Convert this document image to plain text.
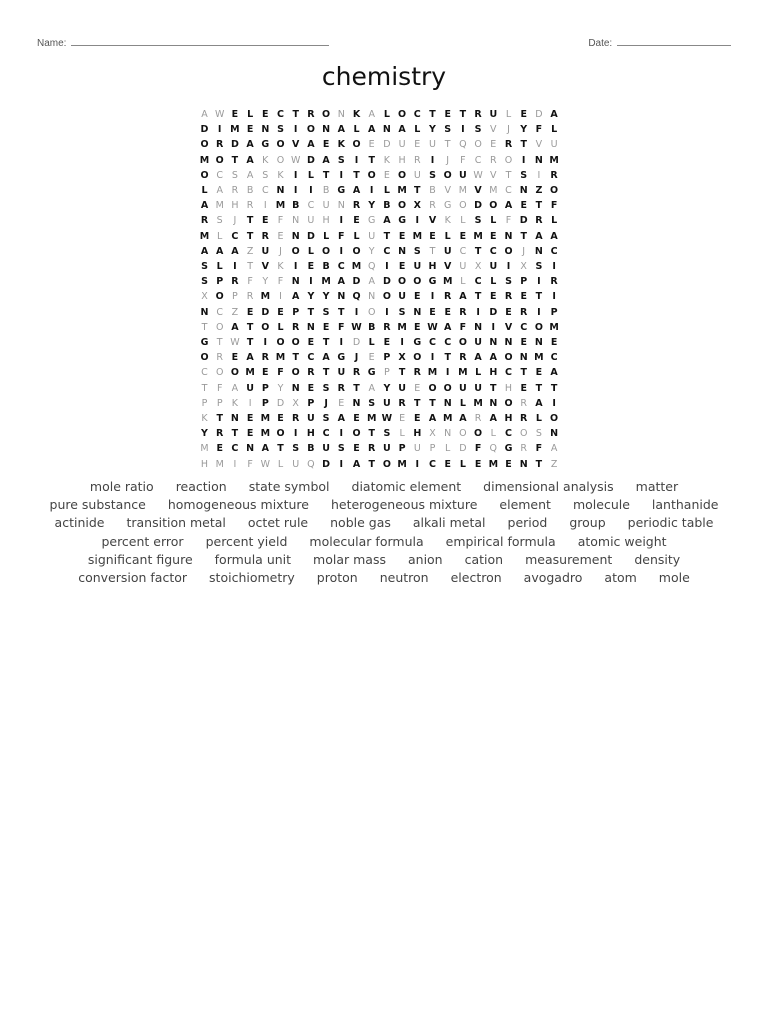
Name:	Date:
chemistry
A W E L E C T R O N K A L O C T E T R U L E D A
D I M E N S	I O N A L A N A L Y S	I	S V	J	Y F L
O R D A G O V A E K O E D U E U T Q O E R T V U
M O T A K O W D A S	I	T K H R	I	J	F C R O	I N M
O C S A S K	I	L T	I	T O E O U S O U W V T S	I	R
L A R B C N I	I	B G A	I	L M T B V M V M C N Z O
A M H R	I M B C U N R Y B O X R G O D O A E T F
R S	J	T E F N U H	I	E G A G	I	V K L S L F D R L
M L C T R E N D L F L U T E M E L E M E N T A A
A A A Z U	J	O L O I O Y C N S T U C T C O	J	N C
S L	I	T V K	I	E B C M Q	I	E U H V U X U	I	X S	I
S P R F	Y	F N I M A D A D O O G M L C L S P	I	R
X O P R M I	A Y Y N Q N O U E	I	R A T E R E T	I
N C Z E D E P T S T	I	O	I	S N E E R	I D E R	I	P
T O A T O L R N E F W B R M E W A F N I	V C O M
G T W T	I O O E T	I	D L E	I	G C C O U N N E N E
O R E A R M T C A G	J	E P X O I	T R A A O N M C
C O O M E F O R T U R G P T R M I M L H C T E A
T	F A U P Y N E S R T A Y U E O O U U T H E T T
P P K	I	P D X P	J	E N S U R T T N L M N O R A	I
K T N E M E R U S A E M W E E A M A R A H R L O
Y R T E M O I H C	I O T S L H X N O O L C O S N
M E C N A T S B U S E R U P U P	L D F Q G R F A
H M	I	F W L U Q D I	A T O M I	C E L E M E N T Z
mole ratio reaction state symbol diatomic element dimensional analysis matter
pure substance homogeneous mixture heterogeneous mixture element molecule lanthanide
actinide transition metal octet rule noble gas alkali metal period group periodic table
percent error percent yield molecular formula empirical formula atomic weight
significant figure formula unit molar mass anion cation measurement density
conversion factor stoichiometry proton neutron electron avogadro atom mole
